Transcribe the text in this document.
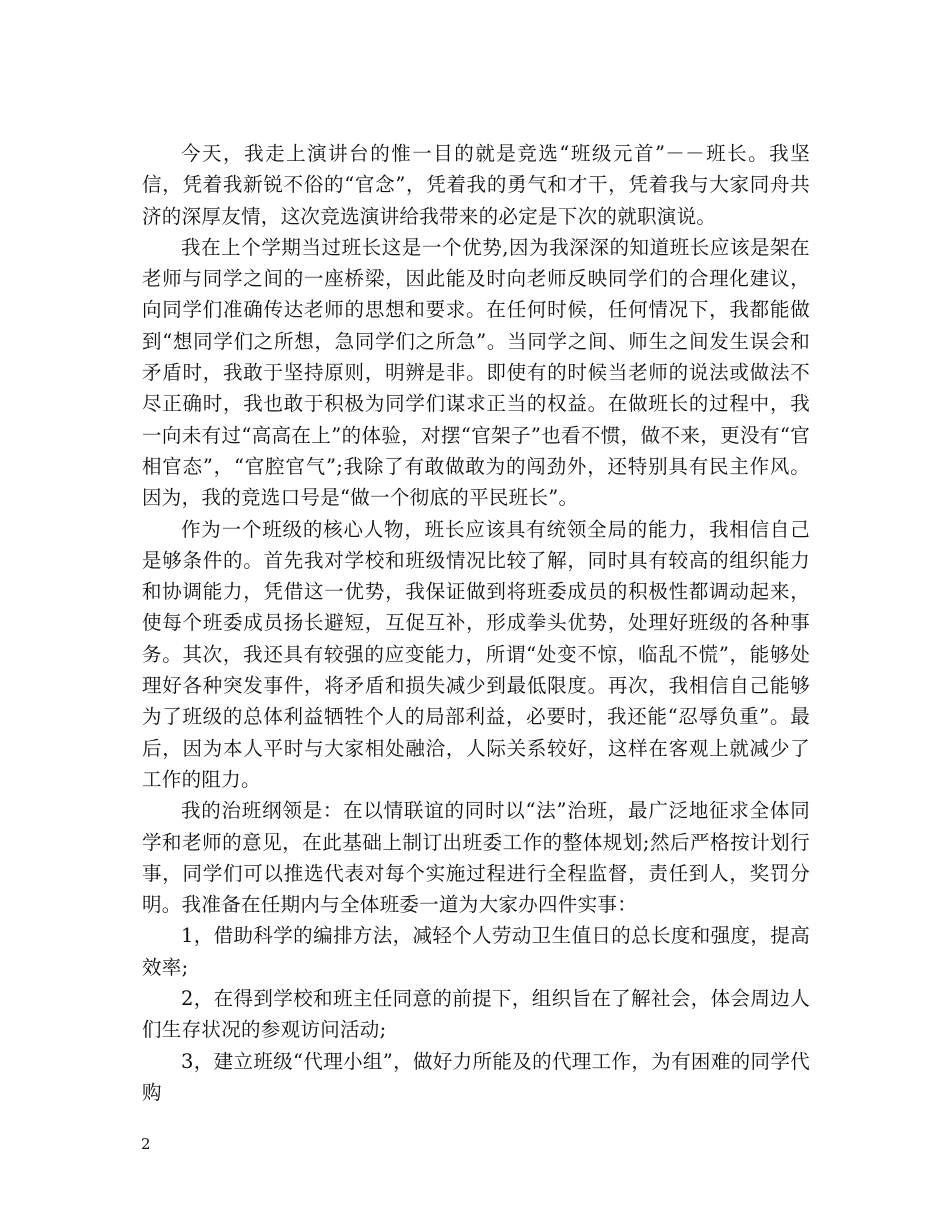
今天，我走上演讲台的惟一目的就是竞选“班级元首”－－班长。我坚信，凭着我新锐不俗的“官念”，凭着我的勇气和才干，凭着我与大家同舟共济的深厚友情，这次竞选演讲给我带来的必定是下次的就职演说。

我在上个学期当过班长这是一个优势,因为我深深的知道班长应该是架在老师与同学之间的一座桥梁，因此能及时向老师反映同学们的合理化建议，向同学们准确传达老师的思想和要求。在任何时候，任何情况下，我都能做到“想同学们之所想，急同学们之所急”。当同学之间、师生之间发生误会和矛盾时，我敢于坚持原则，明辨是非。即使有的时候当老师的说法或做法不尽正确时，我也敢于积极为同学们谋求正当的权益。在做班长的过程中，我一向未有过“高高在上”的体验，对摆“官架子”也看不惯，做不来，更没有“官相官态”，“官腔官气”;我除了有敢做敢为的闯劲外，还特别具有民主作风。因为，我的竞选口号是“做一个彻底的平民班长”。

作为一个班级的核心人物，班长应该具有统领全局的能力，我相信自己是够条件的。首先我对学校和班级情况比较了解，同时具有较高的组织能力和协调能力，凭借这一优势，我保证做到将班委成员的积极性都调动起来，使每个班委成员扬长避短，互促互补，形成拳头优势，处理好班级的各种事务。其次，我还具有较强的应变能力，所谓“处变不惊，临乱不慌”，能够处理好各种突发事件，将矛盾和损失减少到最低限度。再次，我相信自己能够为了班级的总体利益牺牲个人的局部利益，必要时，我还能“忍辱负重”。最后，因为本人平时与大家相处融洽，人际关系较好，这样在客观上就减少了工作的阻力。

我的治班纲领是：在以情联谊的同时以“法”治班，最广泛地征求全体同学和老师的意见，在此基础上制订出班委工作的整体规划;然后严格按计划行事，同学们可以推选代表对每个实施过程进行全程监督，责任到人，奖罚分明。我准备在任期内与全体班委一道为大家办四件实事：

1，借助科学的编排方法，减轻个人劳动卫生值日的总长度和强度，提高效率;

2，在得到学校和班主任同意的前提下，组织旨在了解社会，体会周边人们生存状况的参观访问活动;

3，建立班级“代理小组”，做好力所能及的代理工作，为有困难的同学代购

2
